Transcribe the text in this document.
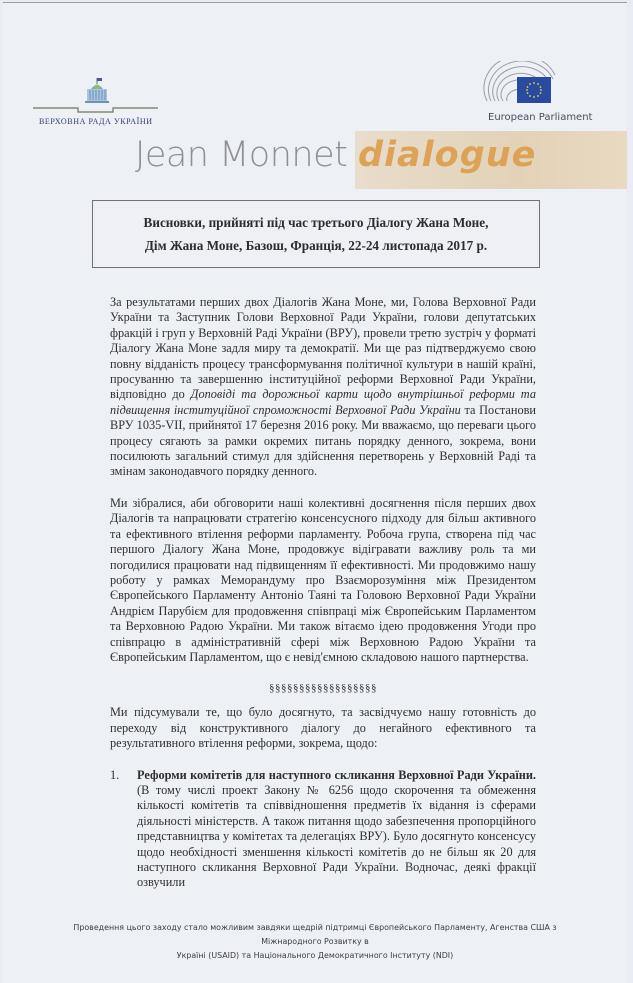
ВЕРХОВНА РАДА УКРАЇНИ	European Parliament
Jean Monnet dialogue
Висновки, прийняті під час третього Діалогу Жана Моне,
Дім Жана Моне, Базош, Франція, 22-24 листопада 2017 р.

За результатами перших двох Діалогів Жана Моне, ми, Голова Верховної Ради України та Заступник Голови Верховної Ради України, голови депутатських фракцій і груп у Верховній Раді України (ВРУ), провели третю зустріч у форматі Діалогу Жана Моне задля миру та демократії. Ми ще раз підтверджуємо свою повну відданість процесу трансформування політичної культури в нашій країні, просуванню та завершенню інституційної реформи Верховної Ради України, відповідно до Доповіді та дорожньої карти щодо внутрішньої реформи та підвищення інституційної спроможності Верховної Ради України та Постанови ВРУ 1035-VII, прийнятої 17 березня 2016 року. Ми вважаємо, що переваги цього процесу сягають за рамки окремих питань порядку денного, зокрема, вони посилюють загальний стимул для здійснення перетворень у Верховній Раді та змінам законодавчого порядку денного.

Ми зібралися, аби обговорити наші колективні досягнення після перших двох Діалогів та напрацювати стратегію консенсусного підходу для більш активного та ефективного втілення реформи парламенту. Робоча група, створена під час першого Діалогу Жана Моне, продовжує відігравати важливу роль та ми погодилися працювати над підвищенням її ефективності. Ми продовжимо нашу роботу у рамках Меморандуму про Взаєморозуміння між Президентом Європейського Парламенту Антоніо Таяні та Головою Верховної Ради України Андрієм Парубієм для продовження співпраці між Європейським Парламентом та Верховною Радою України. Ми також вітаємо ідею продовження Угоди про співпрацю в адміністративній сфері між Верховною Радою України та Європейським Парламентом, що є невід'ємною складовою нашого партнерства.

§§§§§§§§§§§§§§§§§§

Ми підсумували те, що було досягнуто, та засвідчуємо нашу готовність до переходу від конструктивного діалогу до негайного ефективного та результативного втілення реформи, зокрема, щодо:

1. Реформи комітетів для наступного скликання Верховної Ради України. (В тому числі проект Закону № 6256 щодо скорочення та обмеження кількості комітетів та співвідношення предметів їх відання із сферами діяльності міністерств. А також питання щодо забезпечення пропорційного представництва у комітетах та делегаціях ВРУ). Було досягнуто консенсусу щодо необхідності зменшення кількості комітетів до не більш як 20 для наступного скликання Верховної Ради України. Водночас, деякі фракції озвучили
Проведення цього заходу стало можливим завдяки щедрій підтримці Європейського Парламенту, Агенства США з Міжнародного Розвитку в
Україні (USAID) та Національного Демократичного Інституту (NDI)
